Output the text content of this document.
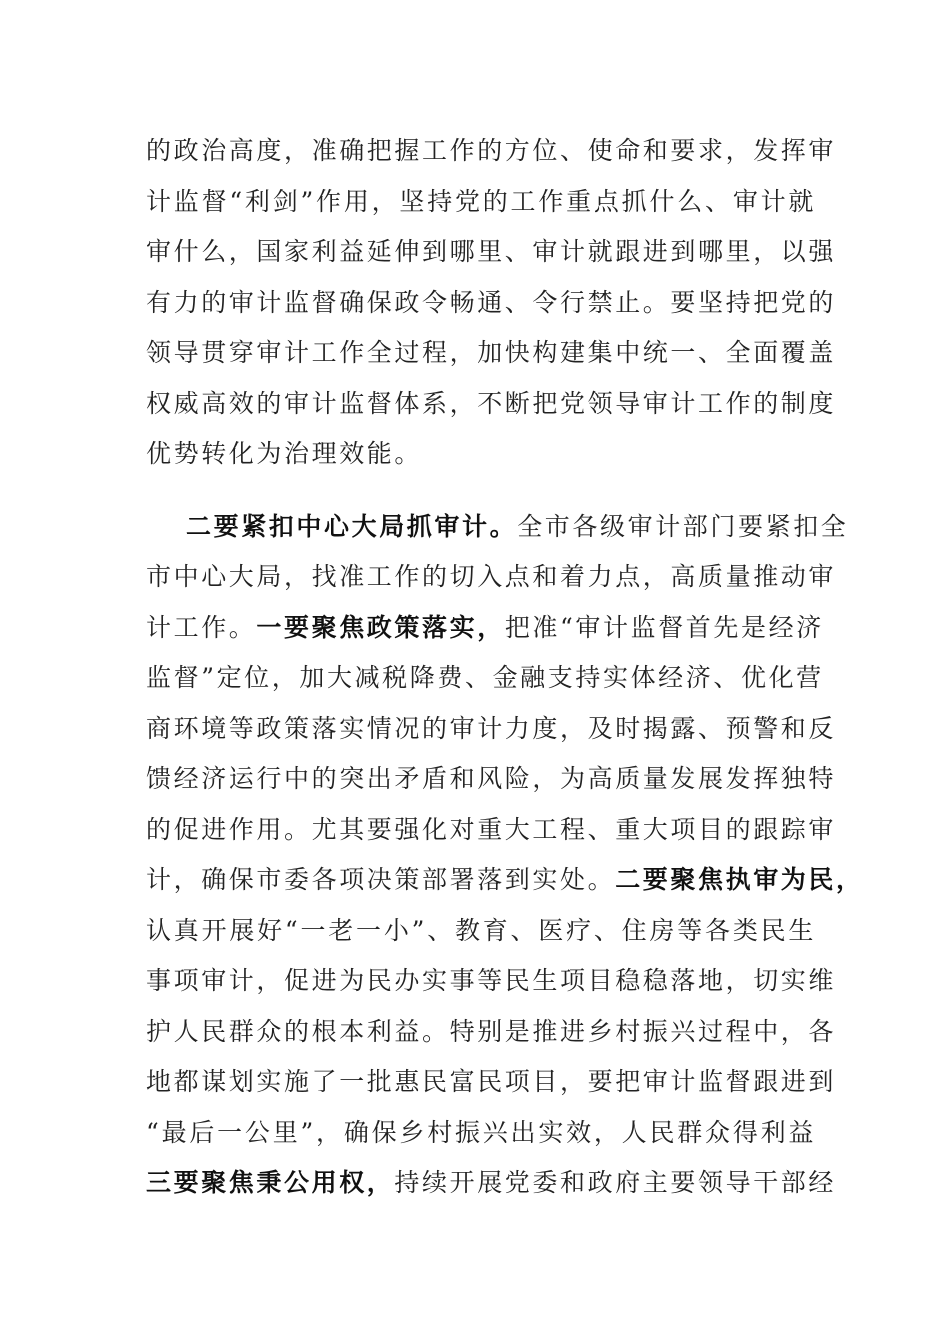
的政治高度，准确把握工作的方位、使命和要求，发挥审
计监督“利剑”作用，坚持党的工作重点抓什么、审计就
审什么，国家利益延伸到哪里、审计就跟进到哪里，以强
有力的审计监督确保政令畅通、令行禁止。要坚持把党的
领导贯穿审计工作全过程，加快构建集中统一、全面覆盖
权威高效的审计监督体系，不断把党领导审计工作的制度
优势转化为治理效能。
二要紧扣中心大局抓审计。全市各级审计部门要紧扣全
市中心大局，找准工作的切入点和着力点，高质量推动审
计工作。一要聚焦政策落实，把准“审计监督首先是经济
监督”定位，加大减税降费、金融支持实体经济、优化营
商环境等政策落实情况的审计力度，及时揭露、预警和反
馈经济运行中的突出矛盾和风险，为高质量发展发挥独特
的促进作用。尤其要强化对重大工程、重大项目的跟踪审
计，确保市委各项决策部署落到实处。二要聚焦执审为民，
认真开展好“一老一小”、教育、医疗、住房等各类民生
事项审计，促进为民办实事等民生项目稳稳落地，切实维
护人民群众的根本利益。特别是推进乡村振兴过程中，各
地都谋划实施了一批惠民富民项目，要把审计监督跟进到
“最后一公里”，确保乡村振兴出实效，人民群众得利益
三要聚焦秉公用权，持续开展党委和政府主要领导干部经
